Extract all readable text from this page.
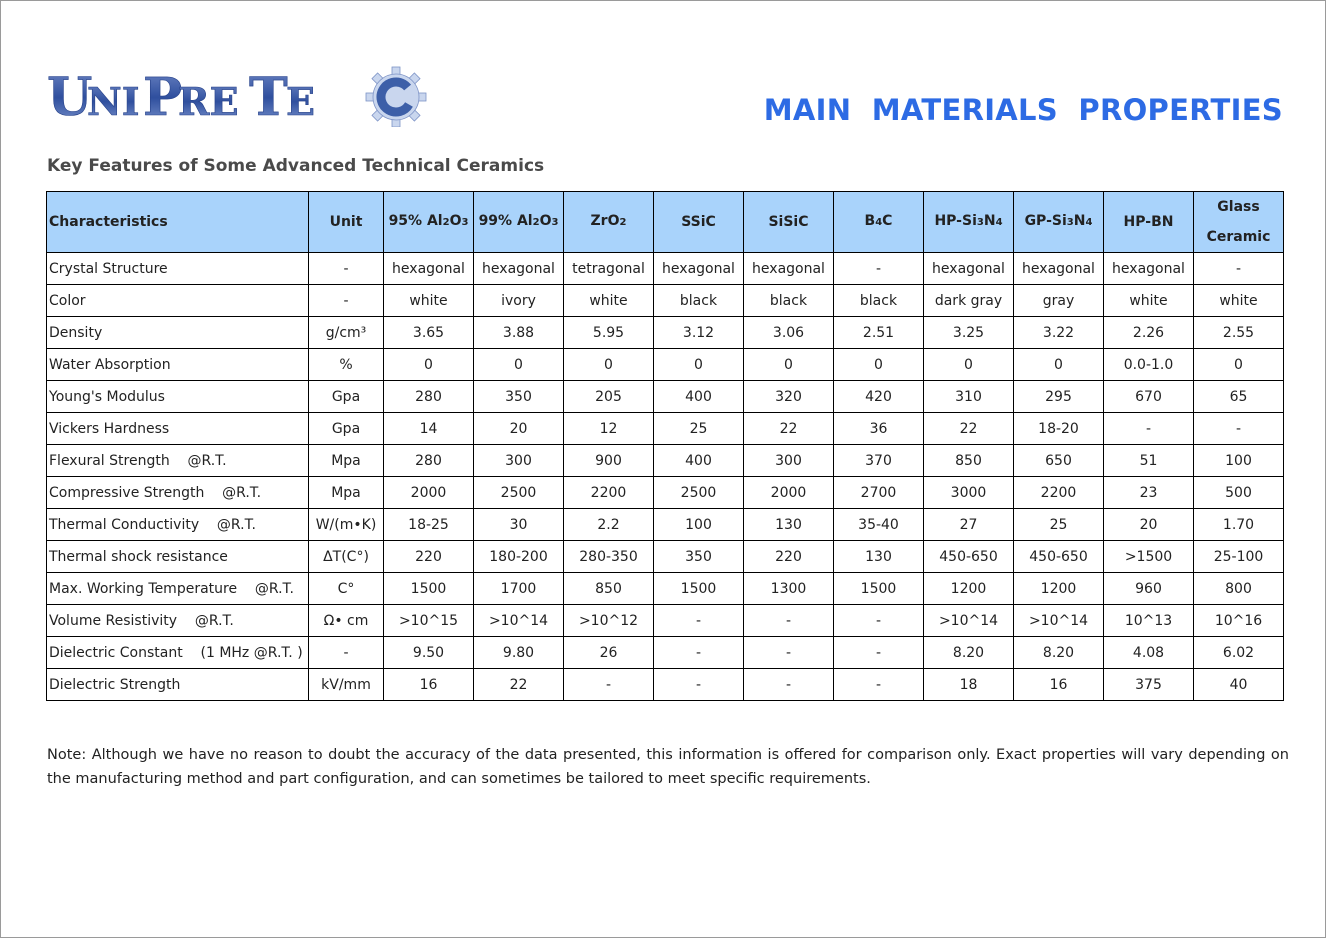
U
NI P
RE T
E	MAIN MATERIALS PROPERTIES
Key Features of Some Advanced Technical Ceramics
Characteristics	Unit	95% Al2O3	99% Al2O3	ZrO2	SSiC	SiSiC	B4C	HP-Si3N4	GP-Si3N4	HP-BN	Glass
Ceramic
Crystal Structure	-	hexagonal	hexagonal	tetragonal	hexagonal	hexagonal	-	hexagonal	hexagonal	hexagonal	-
Color	-	white	ivory	white	black	black	black	dark gray	gray	white	white
Density	g/cm³	3.65	3.88	5.95	3.12	3.06	2.51	3.25	3.22	2.26	2.55
Water Absorption	%	0	0	0	0	0	0	0	0	0.0-1.0	0
Young's Modulus	Gpa	280	350	205	400	320	420	310	295	670	65
Vickers Hardness	Gpa	14	20	12	25	22	36	22	18-20	-	-
Flexural Strength    @R.T.	Mpa	280	300	900	400	300	370	850	650	51	100
Compressive Strength    @R.T.	Mpa	2000	2500	2200	2500	2000	2700	3000	2200	23	500
Thermal Conductivity    @R.T.	W/(m•K)	18-25	30	2.2	100	130	35-40	27	25	20	1.70
Thermal shock resistance	ΔT(C°)	220	180-200	280-350	350	220	130	450-650	450-650	>1500	25-100
Max. Working Temperature    @R.T.	C°	1500	1700	850	1500	1300	1500	1200	1200	960	800
Volume Resistivity    @R.T.	Ω• cm	>10^15	>10^14	>10^12	-	-	-	>10^14	>10^14	10^13	10^16
Dielectric Constant    (1 MHz @R.T. )	-	9.50	9.80	26	-	-	-	8.20	8.20	4.08	6.02
Dielectric Strength	kV/mm	16	22	-	-	-	-	18	16	375	40
Note: Although we have no reason to doubt the accuracy of the data presented, this information is offered for comparison only. Exact properties will vary depending on the manufacturing method and part configuration, and can sometimes be tailored to meet specific requirements.
